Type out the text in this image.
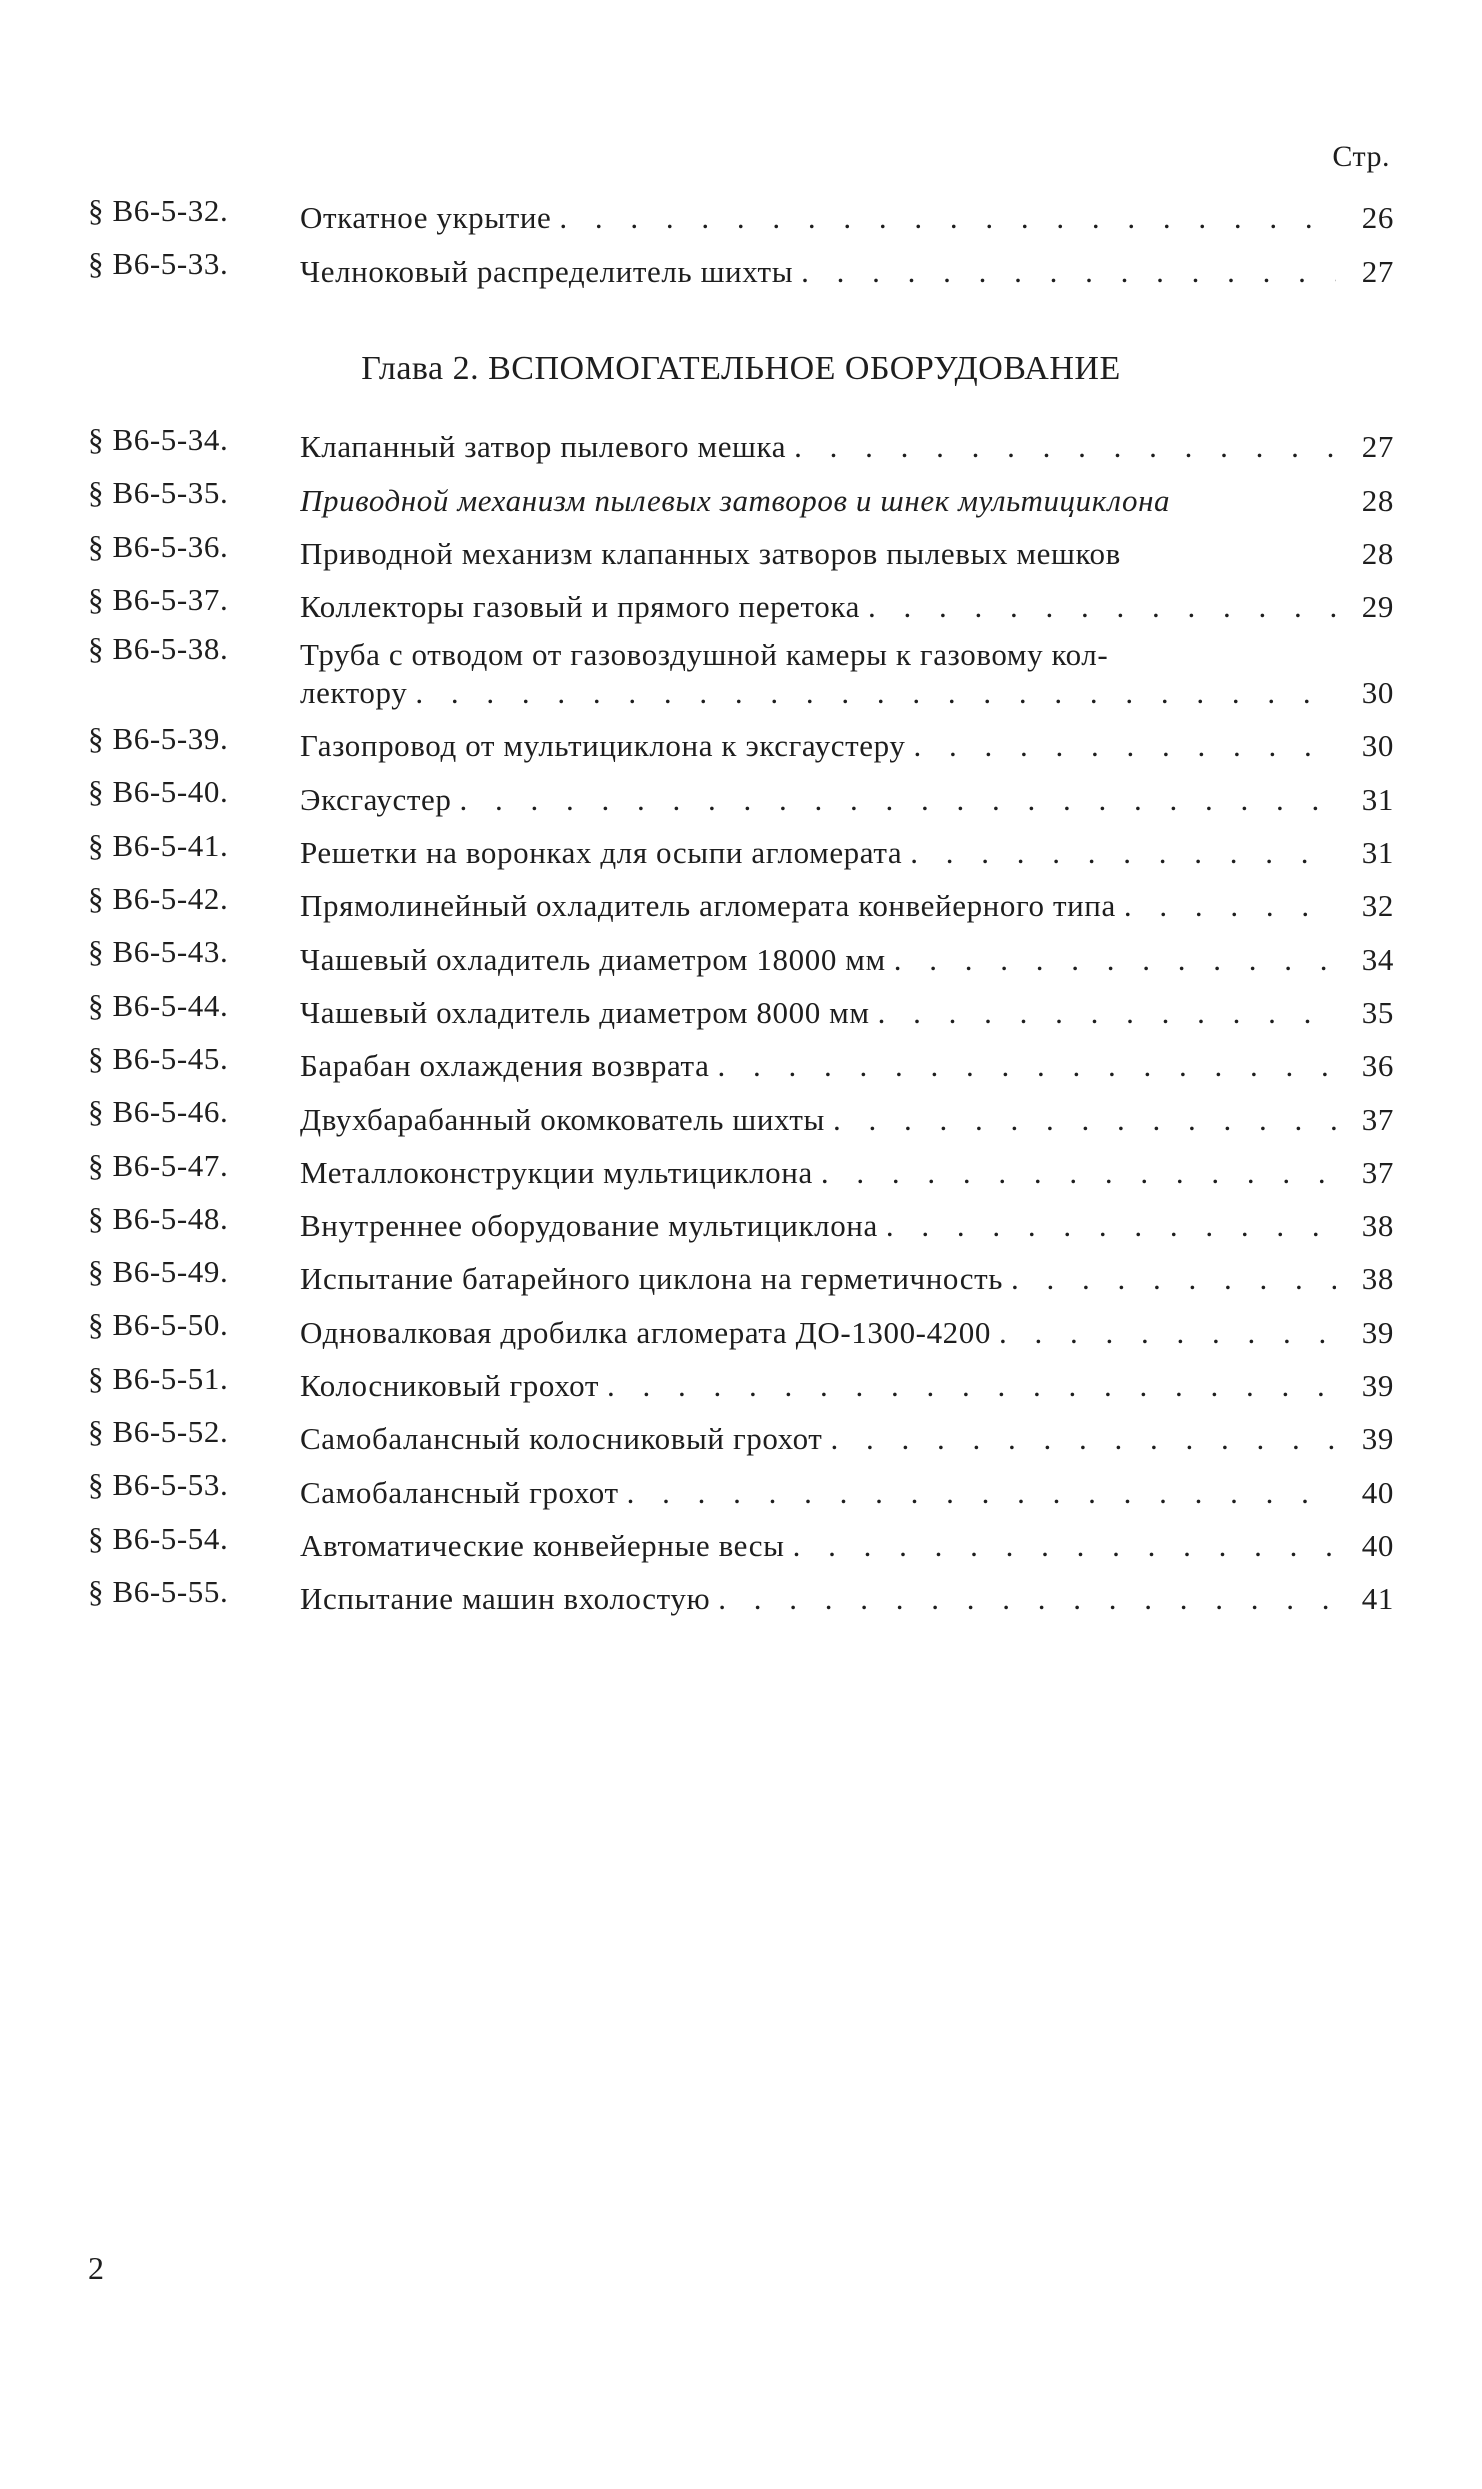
Стр.
§ В6-5-32.	Откатное укрытие . . .	26
§ В6-5-33.	Челноковый распределитель шихты . . .	27
Глава 2. ВСПОМОГАТЕЛЬНОЕ ОБОРУДОВАНИЕ
§ В6-5-34.	Клапанный затвор пылевого мешка . . .	27
§ В6-5-35.	Приводной механизм пылевых затворов и шнек мультициклона	28
§ В6-5-36.	Приводной механизм клапанных затворов пылевых мешков	28
§ В6-5-37.	Коллекторы газовый и прямого перетока . . .	29
§ В6-5-38.	Труба с отводом от газовоздушной камеры к газовому кол-
лектору . . .	30
§ В6-5-39.	Газопровод от мультициклона к эксгаустеру . . .	30
§ В6-5-40.	Эксгаустер . . .	31
§ В6-5-41.	Решетки на воронках для осыпи агломерата . . .	31
§ В6-5-42.	Прямолинейный охладитель агломерата конвейерного типа . . .	32
§ В6-5-43.	Чашевый охладитель диаметром 18000 мм . . .	34
§ В6-5-44.	Чашевый охладитель диаметром 8000 мм . . .	35
§ В6-5-45.	Барабан охлаждения возврата . . .	36
§ В6-5-46.	Двухбарабанный окомкователь шихты . . .	37
§ В6-5-47.	Металлоконструкции мультициклона . . .	37
§ В6-5-48.	Внутреннее оборудование мультициклона . . .	38
§ В6-5-49.	Испытание батарейного циклона на герметичность . . .	38
§ В6-5-50.	Одновалковая дробилка агломерата ДО-1300-4200 . . .	39
§ В6-5-51.	Колосниковый грохот . . .	39
§ В6-5-52.	Самобалансный колосниковый грохот . . .	39
§ В6-5-53.	Самобалансный грохот . . .	40
§ В6-5-54.	Автоматические конвейерные весы . . .	40
§ В6-5-55.	Испытание машин вхолостую . . .	41
2
